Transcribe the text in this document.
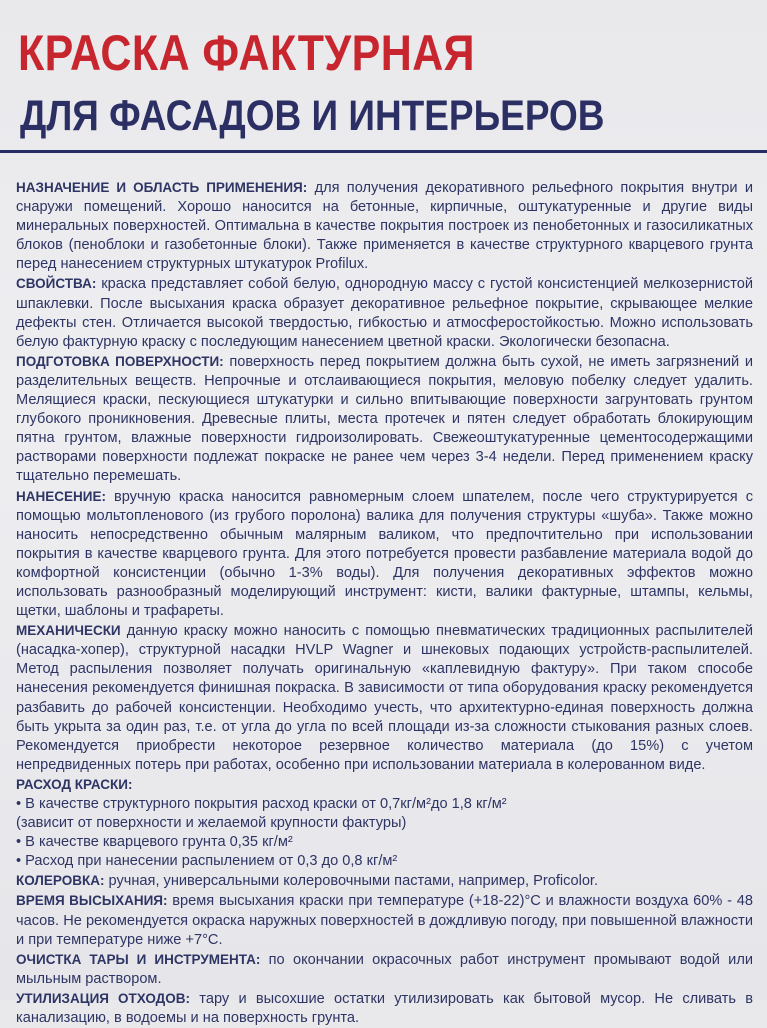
КРАСКА ФАКТУРНАЯ
ДЛЯ ФАСАДОВ И ИНТЕРЬЕРОВ

НАЗНАЧЕНИЕ И ОБЛАСТЬ ПРИМЕНЕНИЯ: для получения декоративного рельефного покрытия внутри и снаружи помещений. Хорошо наносится на бетонные, кирпичные, оштукатуренные и другие виды минеральных поверхностей. Оптимальна в качестве покрытия построек из пенобетонных и газосиликатных блоков (пеноблоки и газобетонные блоки). Также применяется в качестве структурного кварцевого грунта перед нанесением структурных штукатурок Profilux.

СВОЙСТВА: краска представляет собой белую, однородную массу с густой консистенцией мелкозернистой шпаклевки. После высыхания краска образует декоративное рельефное покрытие, скрывающее мелкие дефекты стен. Отличается высокой твердостью, гибкостью и атмосферостойкостью. Можно использовать белую фактурную краску с последующим нанесением цветной краски. Экологически безопасна.

ПОДГОТОВКА ПОВЕРХНОСТИ: поверхность перед покрытием должна быть сухой, не иметь загрязнений и разделительных веществ. Непрочные и отслаивающиеся покрытия, меловую побелку следует удалить. Мелящиеся краски, пескующиеся штукатурки и сильно впитывающие поверхности загрунтовать грунтом глубокого проникновения. Древесные плиты, места протечек и пятен следует обработать блокирующим пятна грунтом, влажные поверхности гидроизолировать. Свежеоштукатуренные цементосодержащими растворами поверхности подлежат покраске не ранее чем через 3-4 недели. Перед применением краску тщательно перемешать.

НАНЕСЕНИЕ: вручную краска наносится равномерным слоем шпателем, после чего структурируется с помощью мольтопленового (из грубого поролона) валика для получения структуры «шуба». Также можно наносить непосредственно обычным малярным валиком, что предпочтительно при использовании покрытия в качестве кварцевого грунта. Для этого потребуется провести разбавление материала водой до комфортной консистенции (обычно 1-3% воды). Для получения декоративных эффектов можно использовать разнообразный моделирующий инструмент: кисти, валики фактурные, штампы, кельмы, щетки, шаблоны и трафареты.

МЕХАНИЧЕСКИ данную краску можно наносить с помощью пневматических традиционных распылителей (насадка-хопер), структурной насадки HVLP Wagner и шнековых подающих устройств-распылителей. Метод распыления позволяет получать оригинальную «каплевидную фактуру». При таком способе нанесения рекомендуется финишная покраска. В зависимости от типа оборудования краску рекомендуется разбавить до рабочей консистенции. Необходимо учесть, что архитектурно-единая поверхность должна быть укрыта за один раз, т.е. от угла до угла по всей площади из-за сложности стыкования разных слоев. Рекомендуется приобрести некоторое резервное количество материала (до 15%) с учетом непредвиденных потерь при работах, особенно при использовании материала в колерованном виде.

РАСХОД КРАСКИ:

• В качестве структурного покрытия расход краски от 0,7кг/м²до 1,8 кг/м²

(зависит от поверхности и желаемой крупности фактуры)

• В качестве кварцевого грунта 0,35 кг/м²

• Расход при нанесении распылением от 0,3 до 0,8 кг/м²

КОЛЕРОВКА: ручная, универсальными колеровочными пастами, например, Proficolor.

ВРЕМЯ ВЫСЫХАНИЯ: время высыхания краски при температуре (+18-22)°С и влажности воздуха 60% - 48 часов. Не рекомендуется окраска наружных поверхностей в дождливую погоду, при повышенной влажности и при температуре ниже +7°С.

ОЧИСТКА ТАРЫ И ИНСТРУМЕНТА: по окончании окрасочных работ инструмент промывают водой или мыльным раствором.

УТИЛИЗАЦИЯ ОТХОДОВ: тару и высохшие остатки утилизировать как бытовой мусор. Не сливать в канализацию, в водоемы и на поверхность грунта.
